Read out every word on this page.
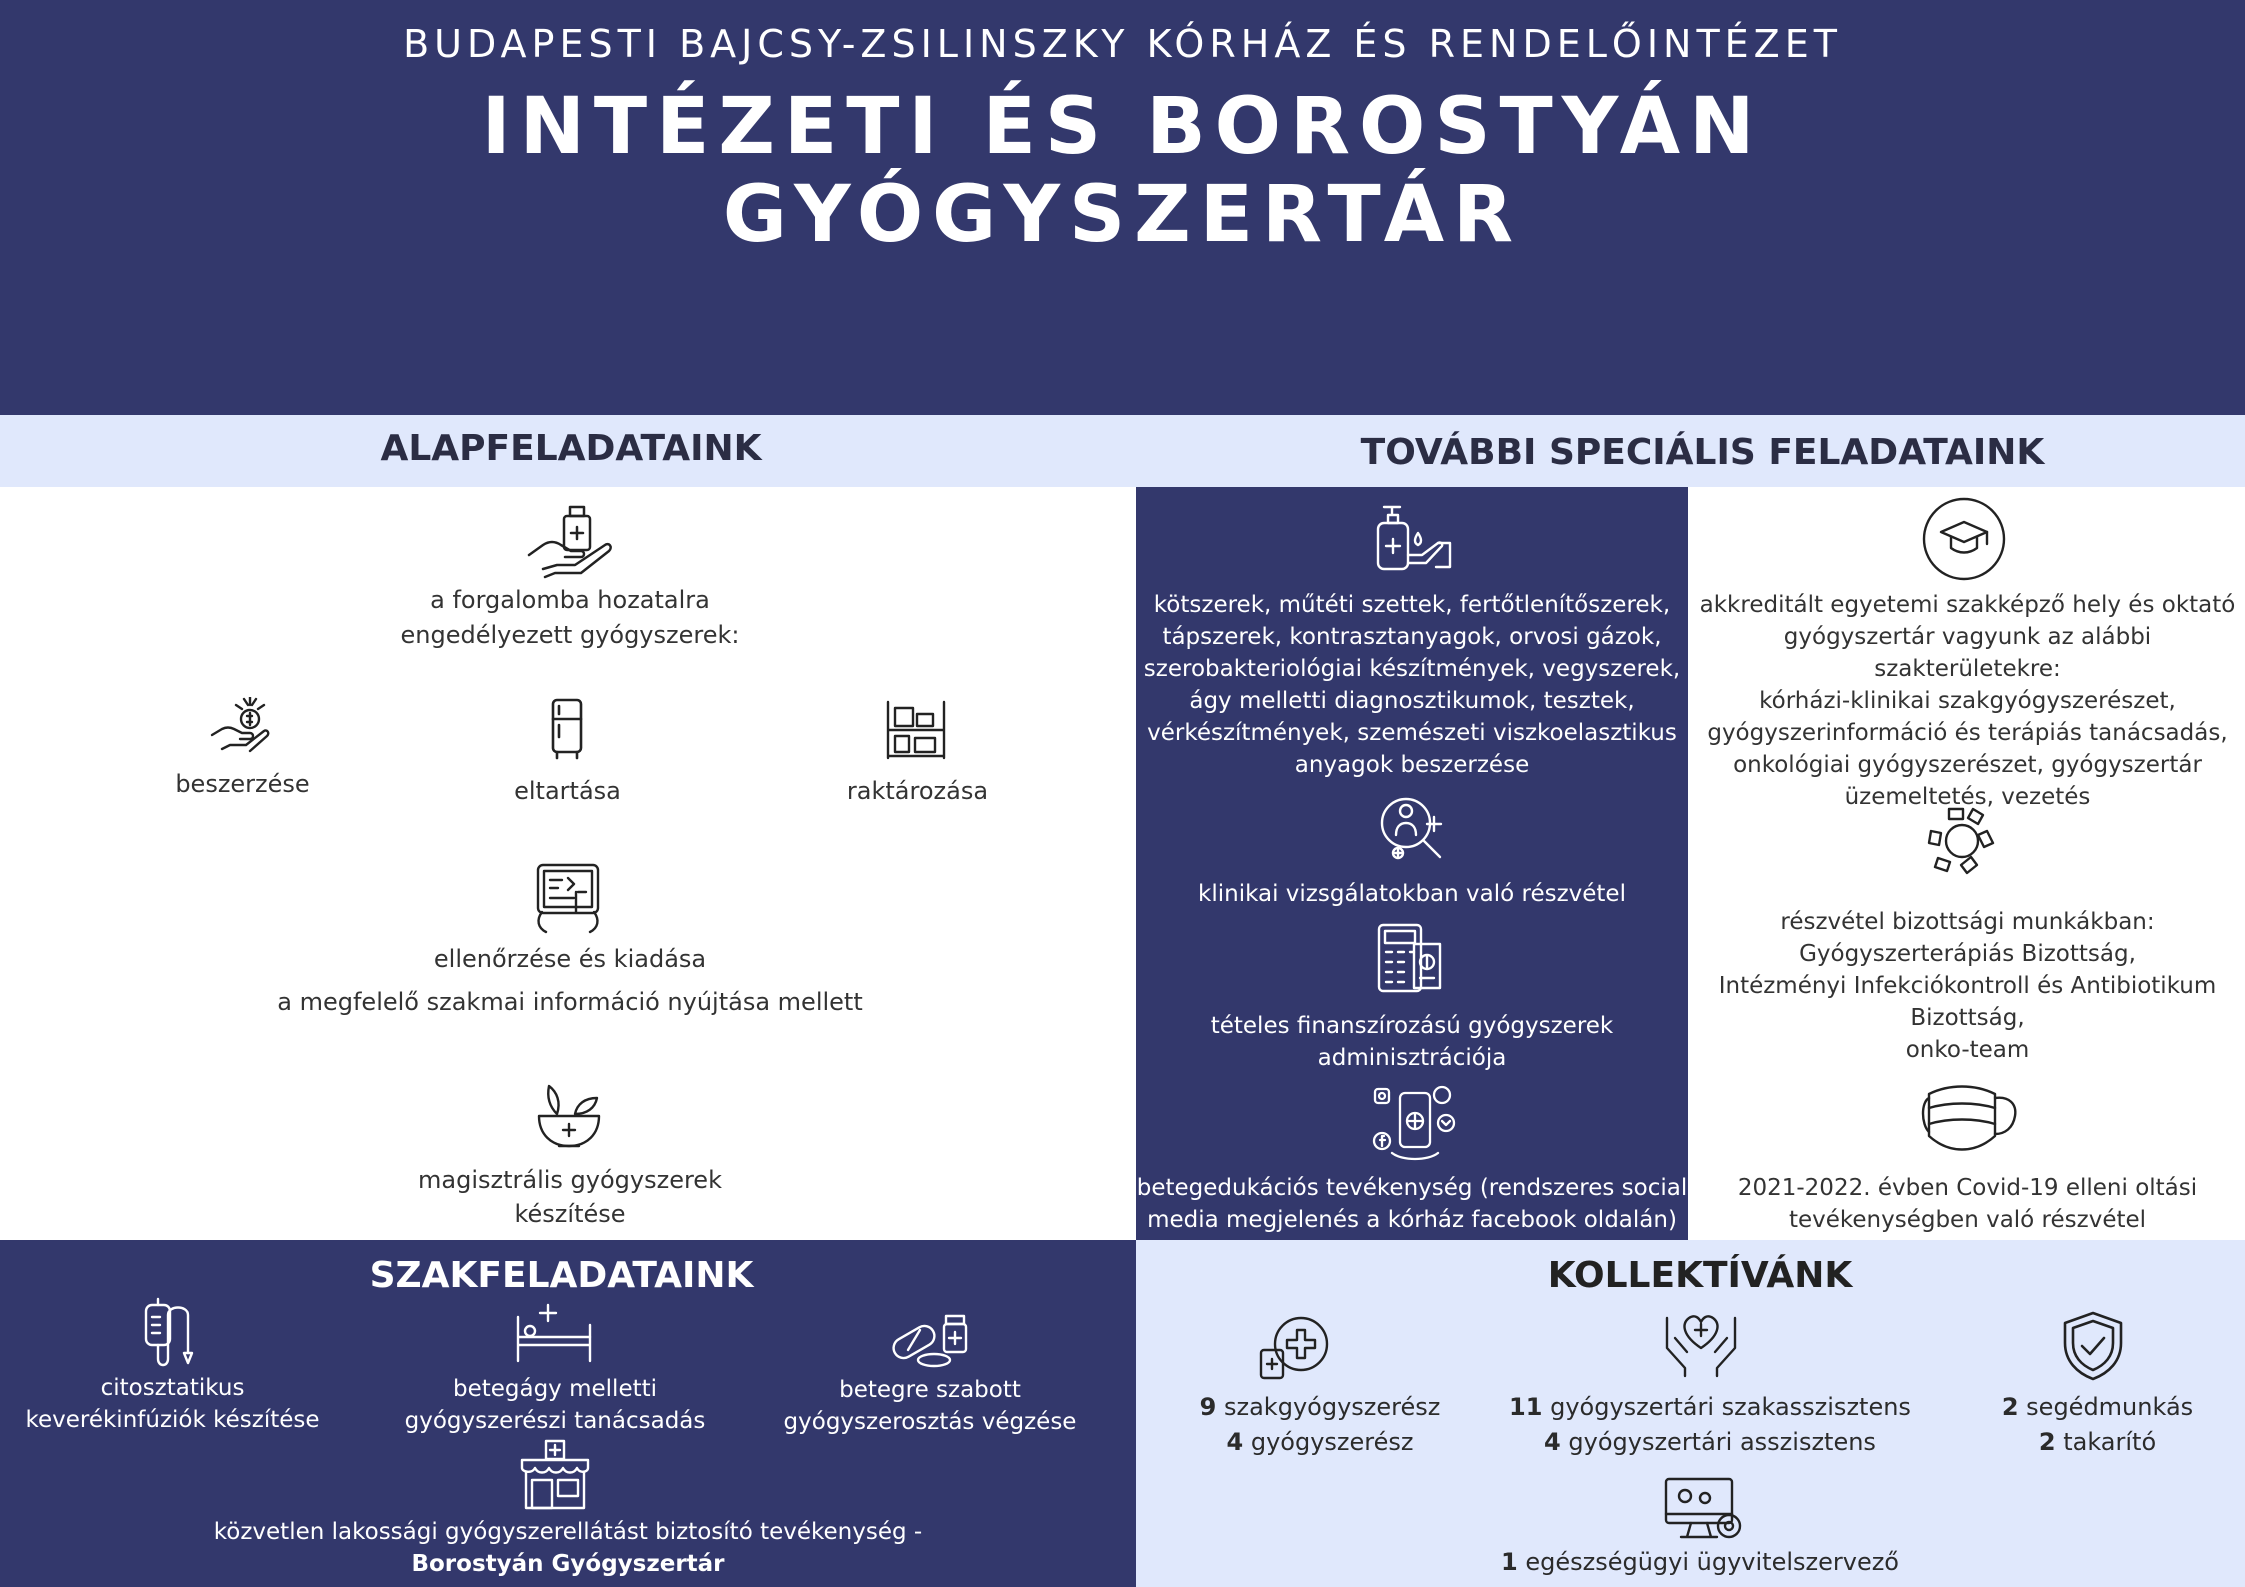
BUDAPESTI BAJCSY-ZSILINSZKY KÓRHÁZ ÉS RENDELŐINTÉZET
INTÉZETI ÉS BOROSTYÁN
GYÓGYSZERTÁR
ALAPFELADATAINK	TOVÁBBI SPECIÁLIS FELADATAINK
a forgalomba hozatalra
engedélyezett gyógyszerek:
beszerzése	eltartása	raktározása
ellenőrzése és kiadása
a megfelelő szakmai információ nyújtása mellett
magisztrális gyógyszerek
készítése
kötszerek, műtéti szettek, fertőtlenítőszerek,
tápszerek, kontrasztanyagok, orvosi gázok,
szerobakteriológiai készítmények, vegyszerek,
ágy melletti diagnosztikumok, tesztek,
vérkészítmények, szemészeti viszkoelasztikus
anyagok beszerzése
klinikai vizsgálatokban való részvétel
tételes finanszírozású gyógyszerek
adminisztrációja
betegedukációs tevékenység (rendszeres social
media megjelenés a kórház facebook oldalán)
akkreditált egyetemi szakképző hely és oktató
gyógyszertár vagyunk az alábbi szakterületekre:
kórházi-klinikai szakgyógyszerészet,
gyógyszerinformáció és terápiás tanácsadás,
onkológiai gyógyszerészet, gyógyszertár
üzemeltetés, vezetés
részvétel bizottsági munkákban:
Gyógyszerterápiás Bizottság,
Intézményi Infekciókontroll és Antibiotikum
Bizottság,
onko-team
2021-2022. évben Covid-19 elleni oltási
tevékenységben való részvétel
SZAKFELADATAINK
citosztatikus
keverékinfúziók készítése
betegágy melletti
gyógyszerészi tanácsadás
betegre szabott
gyógyszerosztás végzése
közvetlen lakossági gyógyszerellátást biztosító tevékenység -
Borostyán Gyógyszertár
KOLLEKTÍVÁNK
9 szakgyógyszerész
4 gyógyszerész
11 gyógyszertári szakasszisztens
4 gyógyszertári asszisztens
2 segédmunkás
2 takarító
1 egészségügyi ügyvitelszervező
